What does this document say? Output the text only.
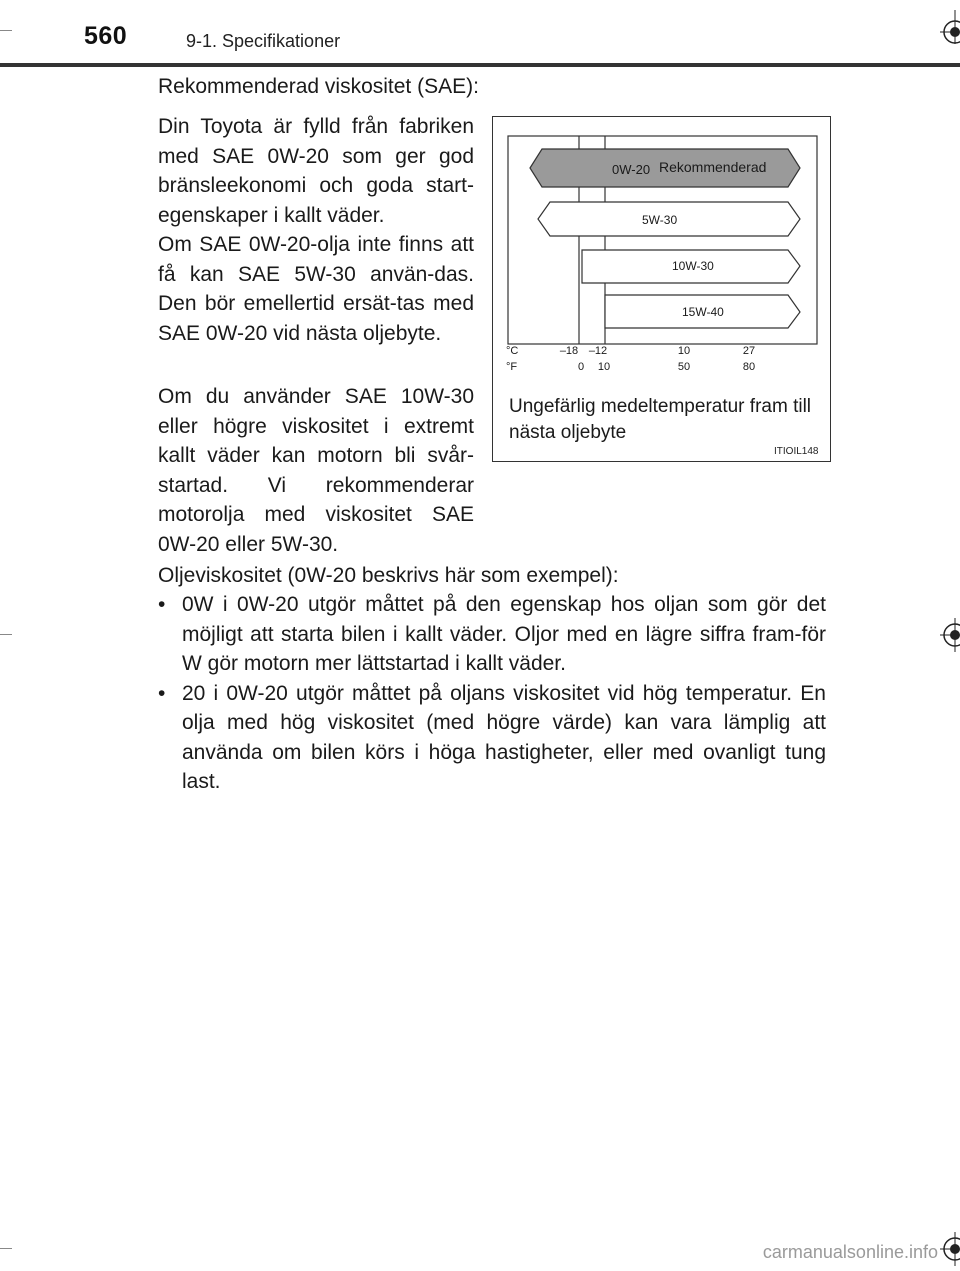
560	9-1. Specifikationer
Rekommenderad viskositet (SAE):
Din Toyota är fylld från fabriken med SAE 0W-20 som ger god bränsleekonomi och goda start-egenskaper i kallt väder.
Om SAE 0W-20-olja inte finns att få kan SAE 5W-30 använ-das. Den bör emellertid ersät-tas med SAE 0W-20 vid nästa oljebyte.
Om du använder SAE 10W-30 eller högre viskositet i extremt kallt väder kan motorn bli svår-startad. Vi rekommenderar motorolja med viskositet SAE 0W-20 eller 5W-30.
Oljeviskositet (0W-20 beskrivs här som exempel):
• 0W i 0W-20 utgör måttet på den egenskap hos oljan som gör det möjligt att starta bilen i kallt väder. Oljor med en lägre siffra fram-för W gör motorn mer lättstartad i kallt väder.
• 20 i 0W-20 utgör måttet på oljans viskositet vid hög temperatur. En olja med hög viskositet (med högre värde) kan vara lämplig att använda om bilen körs i höga hastigheter, eller med ovanligt tung last.
0W-20 Rekommenderad
5W-30
10W-30
15W-40
°C
°F
–18 –12	10	27
0 10	50	80
Ungefärlig medeltemperatur fram till nästa oljebyte
ITIOIL148
carmanualsonline.info
